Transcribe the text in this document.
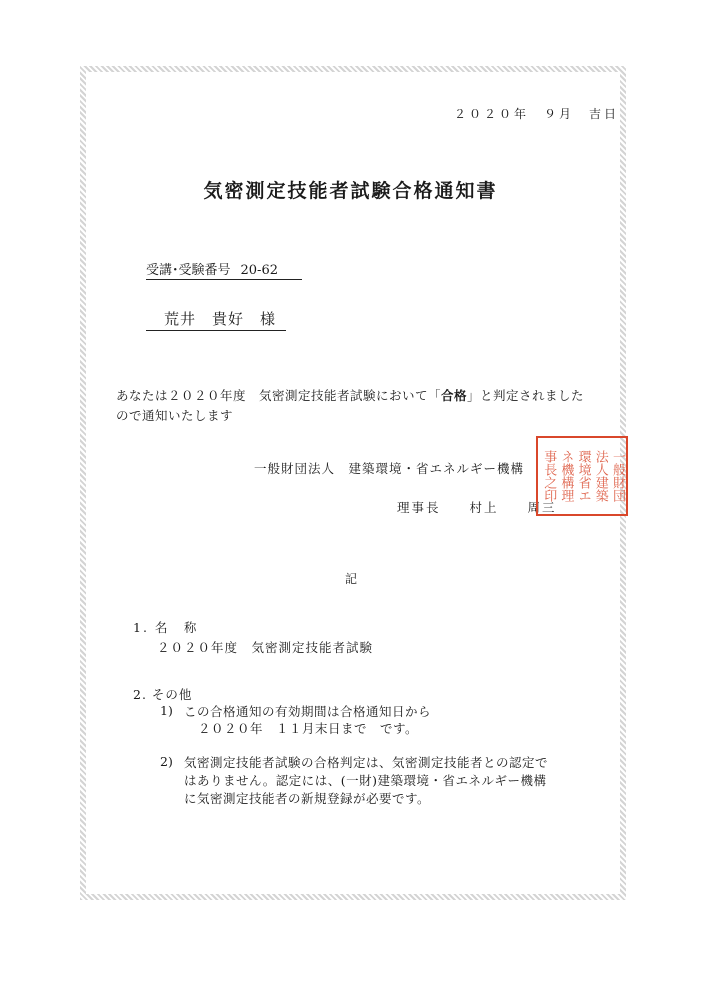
２０２０年　９月　吉日
気密測定技能者試験合格通知書
受講･受験番号 20-62
荒井　貴好　様
あなたは２０２０年度　気密測定技能者試験において「合格」と判定されました
ので通知いたします
一般財団法人　建築環境・省エネルギー機構
理事長　　村上　　周三
事長之印 ネ機構理 環境省エ 法人建築 一般財団
記
1. 名　称
２０２０年度　気密測定技能者試験
2. その他
1) この合格通知の有効期間は合格通知日から
２０２０年　１１月末日まで　です。
2) 気密測定技能者試験の合格判定は、気密測定技能者との認定で
はありません。認定には、(一財)建築環境・省エネルギー機構
に気密測定技能者の新規登録が必要です。
